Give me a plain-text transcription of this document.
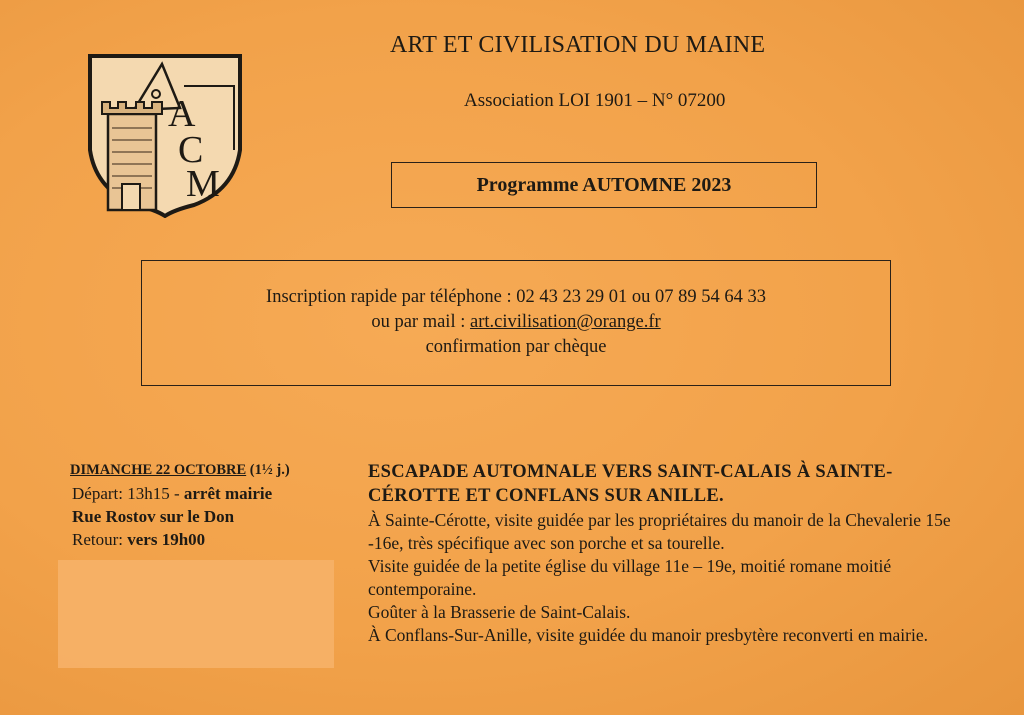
A
C
M
ART ET CIVILISATION DU MAINE
Association LOI 1901 – N° 07200
Programme AUTOMNE 2023
Inscription rapide par téléphone : 02 43 23 29 01 ou 07 89 54 64 33
ou par mail : art.civilisation@orange.fr
confirmation par chèque
DIMANCHE 22 OCTOBRE (1½ j.)
Départ: 13h15 - arrêt mairie
Rue Rostov sur le Don
Retour: vers 19h00
ESCAPADE AUTOMNALE VERS SAINT-CALAIS À SAINTE-
CÉROTTE ET CONFLANS SUR ANILLE.
À Sainte-Cérotte, visite guidée par les propriétaires du manoir de la Chevalerie 15e -16e, très spécifique avec son porche et sa tourelle.
Visite guidée de la petite église du village 11e – 19e, moitié romane moitié contemporaine.
Goûter à la Brasserie de Saint-Calais.
À Conflans-Sur-Anille, visite guidée du manoir presbytère reconverti en mairie.
